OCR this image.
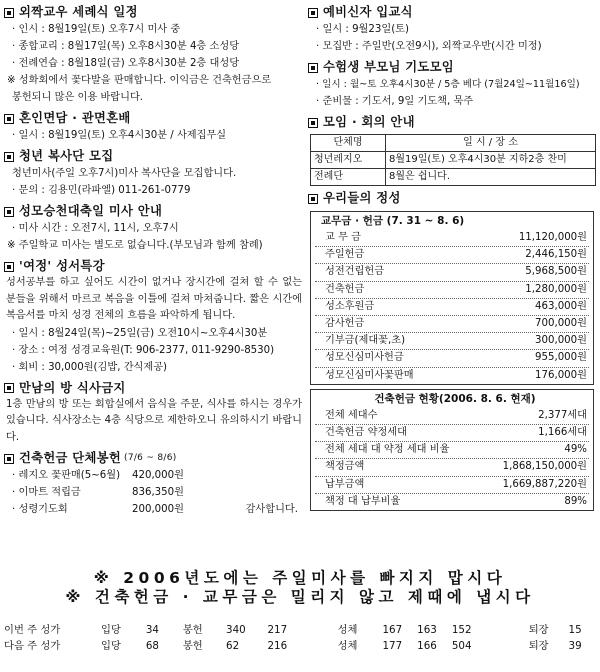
외짝교우 세례식 일정
· 인시 : 8월19일(토) 오후7시 미사 중
· 종합교리 : 8월17일(목) 오후8시30분 4층 소성당
· 전례연습 : 8월18일(금) 오후8시30분 2층 대성당
※ 성화회에서 꽃다발을 판매합니다. 이익금은 건축헌금으로
봉헌되니 많은 이용 바랍니다.
혼인면담 · 관면혼배
· 일시 : 8월19일(토) 오후4시30분 / 사제집무실
청년 복사단 모집
청년미사(주일 오후7시)미사 복사단을 모집합니다.
· 문의 : 김용민(라파엘) 011-261-0779
성모승천대축일 미사 안내
· 미사 시간 : 오전7시, 11시, 오후7시
※ 주일학교 미사는 별도로 없습니다.(부모님과 함께 참례)
'여정' 성서특강
성서공부를 하고 싶어도 시간이 없거나 장시간에 걸쳐 할 수 없는 분들을 위해서 마르코 복음을 이틀에 걸쳐 마쳐줍니다. 짧은 시간에 복음서를 마치 성경 전체의 흐름을 파악하게 됩니다.
· 일시 : 8월24일(목)~25일(금) 오전10시~오후4시30분
· 장소 : 여정 성경교육원(T: 906-2377, 011-9290-8530)
· 회비 : 30,000원(김밥, 간식제공)
만남의 방 식사금지
1층 만남의 방 또는 회합실에서 음식을 주문, 식사를 하시는 경우가 있습니다. 식사장소는 4층 식당으로 제한하오니 유의하시기 바랍니다.
건축헌금 단체봉헌 (7/6 ~ 8/6)
· 레지오 꽃판매(5~6월) 420,000원
· 이마트 적립금	836,350원
· 성령기도회	200,000원	감사합니다.
예비신자 입교식
· 일시 : 9월23일(토)
· 모집반 : 주일반(오전9시), 외짝교우반(시간 미정)
수험생 부모님 기도모임
· 일시 : 월~토 오후4시30분 / 5층 베다 (7월24일~11월16일)
· 준비물 : 기도서, 9일 기도책, 묵주
모임 · 회의 안내
단체명	일 시 / 장 소
청년레지오	8월19일(토) 오후4시30분 지하2층 찬미
전례단	8월은 쉽니다.
우리들의 정성
교무금 · 헌금 (7. 31 ~ 8. 6)
교 무 금	11,120,000원
주일헌금	2,446,150원
성전건립헌금	5,968,500원
건축헌금	1,280,000원
성소후원금	463,000원
감사헌금	700,000원
기부금(제대꽃,초)	300,000원
성모신심미사헌금	955,000원
성모신심미사꽃판매	176,000원
건축헌금 현황(2006. 8. 6. 현재)
전체 세대수	2,377세대
건축헌금 약정세대	1,166세대
전체 세대 대 약정 세대 비율	49%
책정금액	1,868,150,000원
납부금액	1,669,887,220원
책정 대 납부비율	89%
※ 2006년도에는 주일미사를 빠지지 맙시다
※ 건축헌금 · 교무금은 밀리지 않고 제때에 냅시다
이번 주 성가	입당	34	봉헌	340	217	성체	167	163	152	퇴장	15
다음 주 성가	입당	68	봉헌	62	216	성체	177	166	504	퇴장	39
